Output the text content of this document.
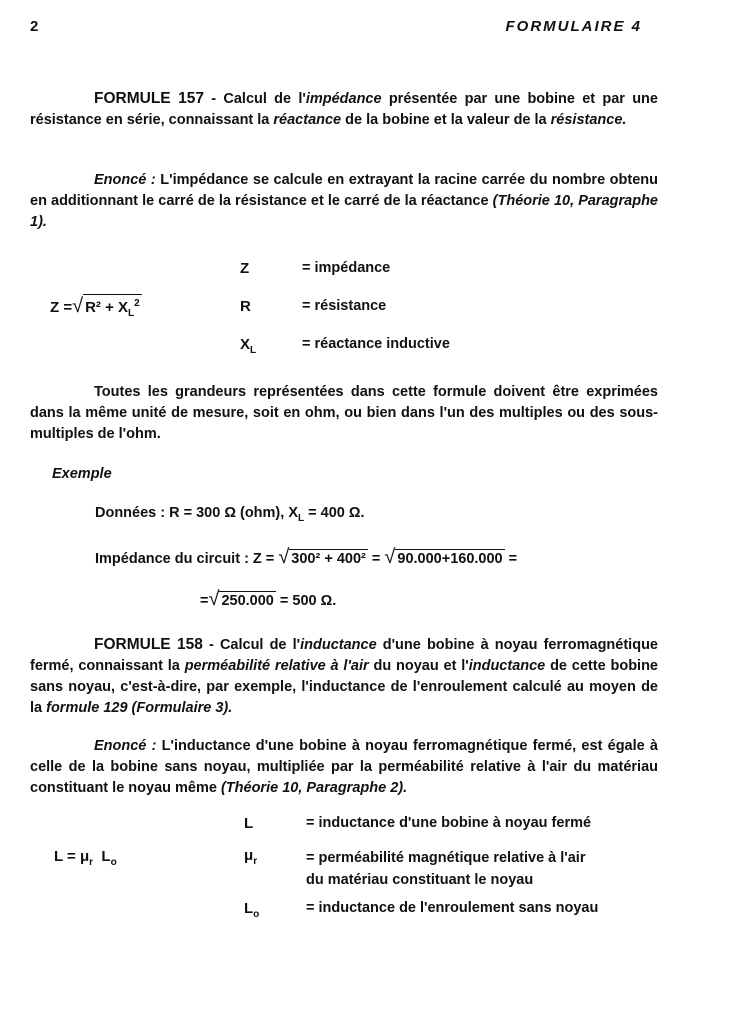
2	FORMULAIRE 4

FORMULE 157 - Calcul de l'impédance présentée par une bobine et par une résistance en série, connaissant la réactance de la bobine et la valeur de la résistance.

Enoncé : L'impédance se calcule en extrayant la racine carrée du nombre obtenu en additionnant le carré de la résistance et le carré de la réactance (Théorie 10, Paragraphe 1).

Z =√ $R^2 + X_L^2$
Z	= impédance
R	= résistance
$X_L$	= réactance inductive

Toutes les grandeurs représentées dans cette formule doivent être exprimées dans la même unité de mesure, soit en ohm, ou bien dans l'un des multiples ou des sous-multiples de l'ohm.

Exemple
Données : R = 300 Ω (ohm), $X_L = 400$ Ω.
Impédance du circuit : Z = √ 300² + 400² = √ 90.000+160.000 =
=√ 250.000 = 500 Ω.

FORMULE 158 - Calcul de l'inductance d'une bobine à noyau ferromagnétique fermé, connaissant la perméabilité relative à l'air du noyau et l'inductance de cette bobine sans noyau, c'est-à-dire, par exemple, l'inductance de l'enroulement calculé au moyen de la formule 129 (Formulaire 3).

Enoncé : L'inductance d'une bobine à noyau ferromagnétique fermé, est égale à celle de la bobine sans noyau, multipliée par la perméabilité relative à l'air du matériau constituant le noyau même (Théorie 10, Paragraphe 2).

$L = \mu_r$  $L_o$
L	= inductance d'une bobine à noyau fermé
$\mu_r$	= perméabilité magnétique relative à l'air
du matériau constituant le noyau
$L_o$	= inductance de l'enroulement sans noyau
